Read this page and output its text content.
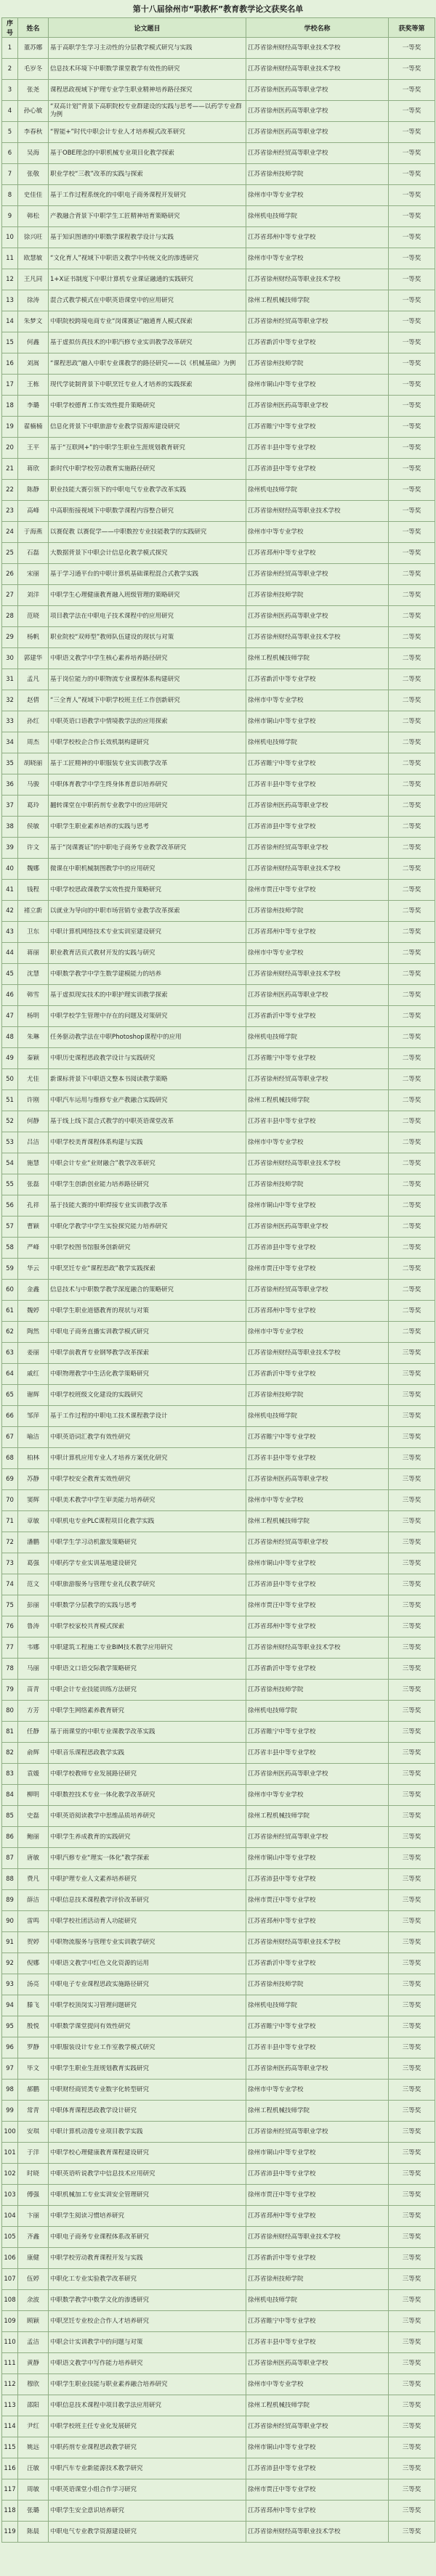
第十八届徐州市“职教杯”教育教学论文获奖名单
序号	姓名	论文题目	学校名称	获奖等第

1	董苏娜	基于高职学生学习主动性的分层教学模式研究与实践	江苏省徐州财经高等职业技术学校	一等奖

2	毛岁冬	信息技术环境下中职数学课堂教学有效性的研究	江苏省徐州财经高等职业技术学校	一等奖

3	张尧	课程思政视域下护理专业学生职业精神培养路径探究	江苏省徐州医药高等职业学校	一等奖

4	孙心敏	“双高计划”背景下高职院校专业群建设的实践与思考——以药学专业群为例	江苏省徐州医药高等职业学校	一等奖

5	李春秋	“智能+”时代中职会计专业人才培养模式改革研究	江苏省徐州医药高等职业学校	一等奖

6	吴海	基于OBE理念的中职机械专业项目化教学探索	江苏省徐州经贸高等职业学校	一等奖

7	张敬	职业学校“三教”改革的实践与探索	江苏省徐州技师学院	一等奖

8	史佳佳	基于工作过程系统化的中职电子商务课程开发研究	徐州市中等专业学校	一等奖

9	韩松	产教融合背景下中职学生工匠精神培育策略研究	徐州机电技师学院	一等奖

10	徐兴旺	基于知识图谱的中职数学课程教学设计与实践	江苏省邳州中等专业学校	一等奖

11	欧慧敏	“文化育人”视域下中职语文教学中传统文化的渗透研究	徐州市中等专业学校	一等奖

12	王凡同	1+X证书制度下中职计算机专业课证融通的实践研究	江苏省徐州财经高等职业技术学校	一等奖

13	徐涛	混合式教学模式在中职英语课堂中的应用研究	徐州工程机械技师学院	一等奖

14	朱梦文	中职院校跨境电商专业“岗课赛证”融通育人模式探索	江苏省徐州经贸高等职业学校	一等奖

15	何鑫	基于虚拟仿真技术的中职汽修专业实训教学改革研究	江苏省新沂中等专业学校	一等奖

16	刘嵩	“课程思政”融入中职专业课教学的路径研究——以《机械基础》为例	江苏省徐州技师学院	一等奖

17	王栋	现代学徒制背景下中职烹饪专业人才培养的实践探索	徐州市铜山中等专业学校	一等奖

18	李璐	中职学校德育工作实效性提升策略研究	江苏省徐州医药高等职业学校	一等奖

19	翟楠楠	信息化背景下中职旅游专业教学资源库建设研究	江苏省睢宁中等专业学校	一等奖

20	王平	基于“互联网+”的中职学生职业生涯规划教育研究	江苏省丰县中等专业学校	一等奖

21	蒋欣	新时代中职学校劳动教育实施路径研究	江苏省沛县中等专业学校	一等奖

22	陈静	职业技能大赛引领下的中职电气专业教学改革实践	徐州机电技师学院	一等奖

23	高峰	中高职衔接视域下中职数学课程内容整合研究	江苏省徐州财经高等职业技术学校	一等奖

24	于海燕	以赛促教 以赛促学——中职数控专业技能教学的实践研究	徐州市中等专业学校	一等奖

25	石磊	大数据背景下中职会计信息化教学模式探究	江苏省邳州中等专业学校	一等奖

26	宋丽	基于学习通平台的中职计算机基础课程混合式教学实践	江苏省徐州经贸高等职业学校	二等奖

27	刘洋	中职学生心理健康教育融入班级管理的策略研究	江苏省徐州技师学院	二等奖

28	范晓	项目教学法在中职电子技术课程中的应用研究	江苏省徐州医药高等职业学校	二等奖

29	杨帆	职业院校“双师型”教师队伍建设的现状与对策	江苏省徐州财经高等职业技术学校	二等奖

30	郭建华	中职语文教学中学生核心素养培养路径研究	徐州工程机械技师学院	二等奖

31	孟凡	基于岗位能力的中职物流专业课程体系构建研究	江苏省新沂中等专业学校	二等奖

32	赵倩	“三全育人”视域下中职学校班主任工作创新研究	徐州市中等专业学校	二等奖

33	孙红	中职英语口语教学中情境教学法的应用探索	徐州市铜山中等专业学校	二等奖

34	周杰	中职学校校企合作长效机制构建研究	徐州机电技师学院	二等奖

35	胡晓丽	基于工匠精神的中职服装专业实训教学改革	江苏省睢宁中等专业学校	二等奖

36	马骏	中职体育教学中学生终身体育意识培养研究	江苏省丰县中等专业学校	二等奖

37	葛玲	翻转课堂在中职药剂专业教学中的应用研究	江苏省徐州医药高等职业学校	二等奖

38	侯敏	中职学生职业素养培养的实践与思考	江苏省沛县中等专业学校	二等奖

39	许文	基于“岗课赛证”的中职电子商务专业教学改革研究	江苏省徐州经贸高等职业学校	二等奖

40	魏娜	微课在中职机械制图教学中的应用研究	江苏省徐州财经高等职业技术学校	二等奖

41	钱程	中职学校思政课教学实效性提升策略研究	徐州市贾汪中等专业学校	二等奖

42	褚立新	以就业为导向的中职市场营销专业教学改革探索	江苏省徐州技师学院	二等奖

43	卫东	中职计算机网络技术专业实训室建设研究	江苏省邳州中等专业学校	二等奖

44	蒋丽	职业教育活页式教材开发的实践与研究	徐州市中等专业学校	二等奖

45	沈慧	中职数学教学中学生数学建模能力的培养	江苏省徐州财经高等职业技术学校	二等奖

46	韩雪	基于虚拟现实技术的中职护理实训教学探索	江苏省徐州医药高等职业学校	二等奖

47	杨明	中职学校学生管理中存在的问题及对策研究	江苏省新沂中等专业学校	二等奖

48	朱琳	任务驱动教学法在中职Photoshop课程中的应用	徐州机电技师学院	二等奖

49	秦颖	中职历史课程思政教学设计与实践研究	江苏省睢宁中等专业学校	二等奖

50	尤佳	新课标背景下中职语文整本书阅读教学策略	江苏省徐州经贸高等职业学校	二等奖

51	许刚	中职汽车运用与维修专业产教融合实践研究	徐州工程机械技师学院	二等奖

52	何静	基于线上线下混合式教学的中职英语课堂改革	江苏省丰县中等专业学校	二等奖

53	吕洁	中职学校美育课程体系构建与实践	徐州市中等专业学校	二等奖

54	施慧	中职会计专业“业财融合”教学改革研究	江苏省徐州财经高等职业技术学校	二等奖

55	张磊	中职学生创新创业能力培养路径研究	江苏省徐州技师学院	二等奖

56	孔祥	基于技能大赛的中职焊接专业实训教学改革	徐州市铜山中等专业学校	二等奖

57	曹颖	中职化学教学中学生实验探究能力培养研究	江苏省徐州医药高等职业学校	二等奖

58	严峰	中职学校图书馆服务创新研究	江苏省沛县中等专业学校	二等奖

59	华云	中职烹饪专业“课程思政”教学实践探索	徐州市贾汪中等专业学校	二等奖

60	金鑫	信息技术与中职数学教学深度融合的策略研究	江苏省徐州经贸高等职业学校	二等奖

61	魏婷	中职学生职业道德教育的现状与对策	江苏省邳州中等专业学校	二等奖

62	陶然	中职电子商务直播实训教学模式研究	徐州市中等专业学校	二等奖

63	姜丽	中职学前教育专业钢琴教学改革探索	江苏省徐州财经高等职业技术学校	三等奖

64	戚红	中职物理教学中生活化教学策略研究	江苏省新沂中等专业学校	三等奖

65	谢辉	中职学校班级文化建设的实践研究	江苏省徐州技师学院	三等奖

66	邹萍	基于工作过程的中职电工技术课程教学设计	徐州机电技师学院	三等奖

67	喻洁	中职英语词汇教学有效性研究	江苏省睢宁中等专业学校	三等奖

68	柏林	中职计算机应用专业人才培养方案优化研究	江苏省丰县中等专业学校	三等奖

69	苏静	中职学校安全教育实效性研究	江苏省徐州医药高等职业学校	三等奖

70	窦辉	中职美术教学中学生审美能力培养研究	徐州市中等专业学校	三等奖

71	章敏	中职机电专业PLC课程项目化教学实践	徐州工程机械技师学院	三等奖

72	潘鹏	中职学生学习动机激发策略研究	江苏省徐州经贸高等职业学校	三等奖

73	葛强	中职药学专业实训基地建设研究	徐州市铜山中等专业学校	三等奖

74	范文	中职旅游服务与管理专业礼仪教学研究	江苏省沛县中等专业学校	三等奖

75	彭丽	中职数学分层教学的实践与思考	徐州市贾汪中等专业学校	三等奖

76	鲁涛	中职学校家校共育模式探索	江苏省邳州中等专业学校	三等奖

77	韦娜	中职建筑工程施工专业BIM技术教学应用研究	江苏省徐州财经高等职业技术学校	三等奖

78	马丽	中职语文口语交际教学策略研究	江苏省新沂中等专业学校	三等奖

79	苗青	中职会计专业技能训练方法研究	江苏省徐州技师学院	三等奖

80	方芳	中职学生网络素养教育研究	徐州机电技师学院	三等奖

81	任静	基于雨课堂的中职专业课教学改革实践	江苏省睢宁中等专业学校	三等奖

82	俞辉	中职音乐课程思政教学实践	江苏省丰县中等专业学校	三等奖

83	袁媛	中职学校教师专业发展路径研究	江苏省徐州医药高等职业学校	三等奖

84	柳明	中职数控技术专业一体化教学改革研究	徐州市中等专业学校	三等奖

85	史磊	中职英语阅读教学中思维品质培养研究	徐州工程机械技师学院	三等奖

86	鲍丽	中职学生养成教育的实践研究	江苏省徐州经贸高等职业学校	三等奖

87	唐敏	中职汽修专业“理实一体化”教学探索	徐州市铜山中等专业学校	三等奖

88	费凡	中职护理专业人文素养培养研究	江苏省沛县中等专业学校	三等奖

89	薛洁	中职信息技术课程教学评价改革研究	徐州市贾汪中等专业学校	三等奖

90	雷鸣	中职学校社团活动育人功能研究	江苏省邳州中等专业学校	三等奖

91	贺婷	中职物流服务与管理专业实训教学研究	江苏省徐州财经高等职业技术学校	三等奖

92	倪娜	中职语文教学中红色文化资源的运用	江苏省新沂中等专业学校	三等奖

93	汤亮	中职电子专业课程思政实施路径研究	江苏省徐州技师学院	三等奖

94	滕飞	中职学校顶岗实习管理问题研究	徐州机电技师学院	三等奖

95	殷悦	中职数学课堂提问有效性研究	江苏省睢宁中等专业学校	三等奖

96	罗静	中职服装设计专业工作室教学模式研究	江苏省丰县中等专业学校	三等奖

97	毕文	中职学生职业生涯规划教育实践研究	江苏省徐州医药高等职业学校	三等奖

98	郝鹏	中职财经商贸类专业数字化转型研究	徐州市中等专业学校	三等奖

99	常青	中职体育课程思政教学设计研究	徐州工程机械技师学院	三等奖

100	安琪	中职计算机动漫专业项目教学实践	江苏省徐州经贸高等职业学校	三等奖

101	于洋	中职学校心理健康教育课程建设研究	徐州市铜山中等专业学校	三等奖

102	时晓	中职英语听说教学中信息技术应用研究	江苏省沛县中等专业学校	三等奖

103	傅强	中职机械加工专业实训安全管理研究	徐州市贾汪中等专业学校	三等奖

104	卞丽	中职学生阅读习惯培养研究	江苏省邳州中等专业学校	三等奖

105	齐鑫	中职电子商务专业课程体系改革研究	江苏省徐州财经高等职业技术学校	三等奖

106	康健	中职学校劳动教育课程开发与实践	江苏省新沂中等专业学校	三等奖

107	伍婷	中职化工专业实验教学改革研究	江苏省徐州技师学院	三等奖

108	余波	中职数学教学中数学文化的渗透研究	徐州机电技师学院	三等奖

109	顾颖	中职烹饪专业校企合作人才培养研究	江苏省睢宁中等专业学校	三等奖

110	孟洁	中职会计实训教学中的问题与对策	江苏省丰县中等专业学校	三等奖

111	黄静	中职语文教学中写作能力培养研究	江苏省徐州医药高等职业学校	三等奖

112	穆欣	中职学生职业技能与职业素养融合培养研究	徐州市中等专业学校	三等奖

113	邵阳	中职信息技术课程中项目教学法应用研究	徐州工程机械技师学院	三等奖

114	尹红	中职学校班主任专业化发展研究	江苏省徐州经贸高等职业学校	三等奖

115	姚远	中职药剂专业课程思政教学研究	徐州市铜山中等专业学校	三等奖

116	汪敏	中职汽车专业新能源技术教学研究	江苏省沛县中等专业学校	三等奖

117	周敏	中职英语课堂小组合作学习研究	徐州市贾汪中等专业学校	三等奖

118	张璐	中职学生安全意识培养研究	江苏省邳州中等专业学校	三等奖

119	陈晨	中职电气专业教学资源建设研究	江苏省徐州财经高等职业技术学校	三等奖
